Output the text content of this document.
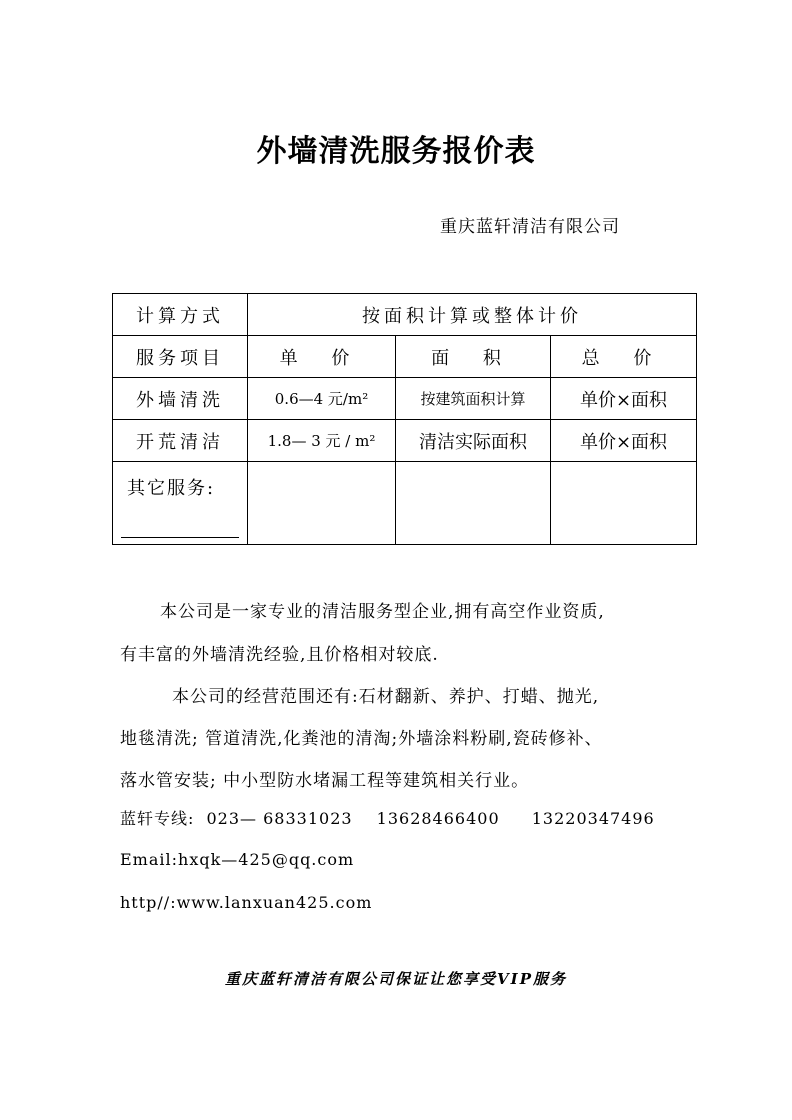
外墙清洗服务报价表
重庆蓝轩清洁有限公司
计算方式	按面积计算或整体计价		
服务项目	单 价	面 积	总 价
外墙清洗	0.6—4 元/m²	按建筑面积计算	单价×面积
开荒清洁	1.8— 3 元 / m²	清洁实际面积	单价×面积

其它服务:			

本公司是一家专业的清洁服务型企业,拥有高空作业资质,
有丰富的外墙清洗经验,且价格相对较底.
本公司的经营范围还有:石材翻新、养护、打蜡、抛光,
地毯清洗; 管道清洗,化粪池的清淘;外墙涂料粉刷,瓷砖修补、
落水管安装; 中小型防水堵漏工程等建筑相关行业。
蓝轩专线: 023— 68331023 13628466400 13220347496
Email:hxqk—425@qq.com
http//:www.lanxuan425.com
重庆蓝轩清洁有限公司保证让您享受VIP服务
